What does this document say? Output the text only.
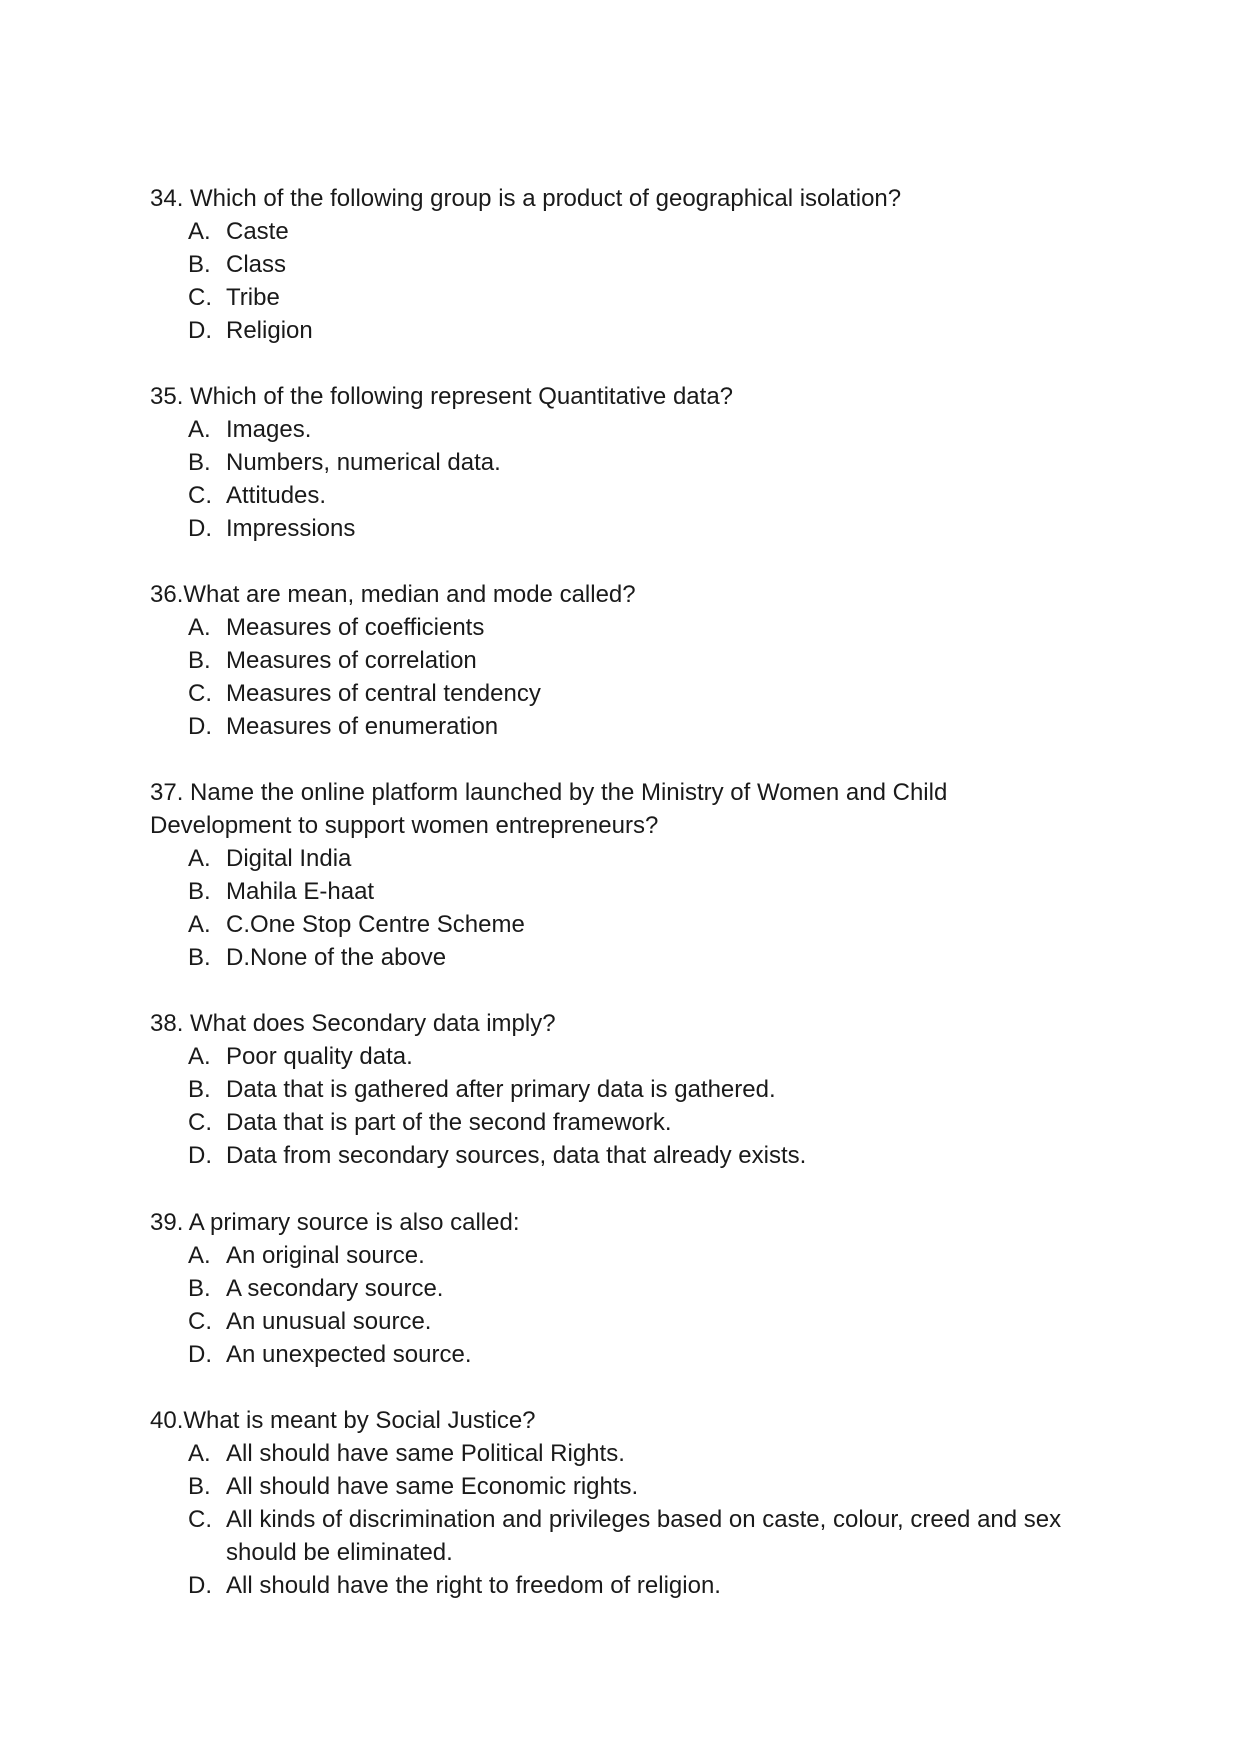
34. Which of the following group is a product of geographical isolation?

A. Caste
B. Class
C. Tribe
D. Religion

35. Which of the following represent Quantitative data?

A. Images.
B. Numbers, numerical data.
C. Attitudes.
D. Impressions

36.What are mean, median and mode called?

A. Measures of coefficients
B. Measures of correlation
C. Measures of central tendency
D. Measures of enumeration

37. Name the online platform launched by the Ministry of Women and Child Development to support women entrepreneurs?

A. Digital India
B. Mahila E-haat
A. C.One Stop Centre Scheme
B. D.None of the above

38. What does Secondary data imply?

A. Poor quality data.
B. Data that is gathered after primary data is gathered.
C. Data that is part of the second framework.
D. Data from secondary sources, data that already exists.

39. A primary source is also called:

A. An original source.
B. A secondary source.
C. An unusual source.
D. An unexpected source.

40.What is meant by Social Justice?

A. All should have same Political Rights.
B. All should have same Economic rights.
C. All kinds of discrimination and privileges based on caste, colour, creed and sex should be eliminated.
D. All should have the right to freedom of religion.
